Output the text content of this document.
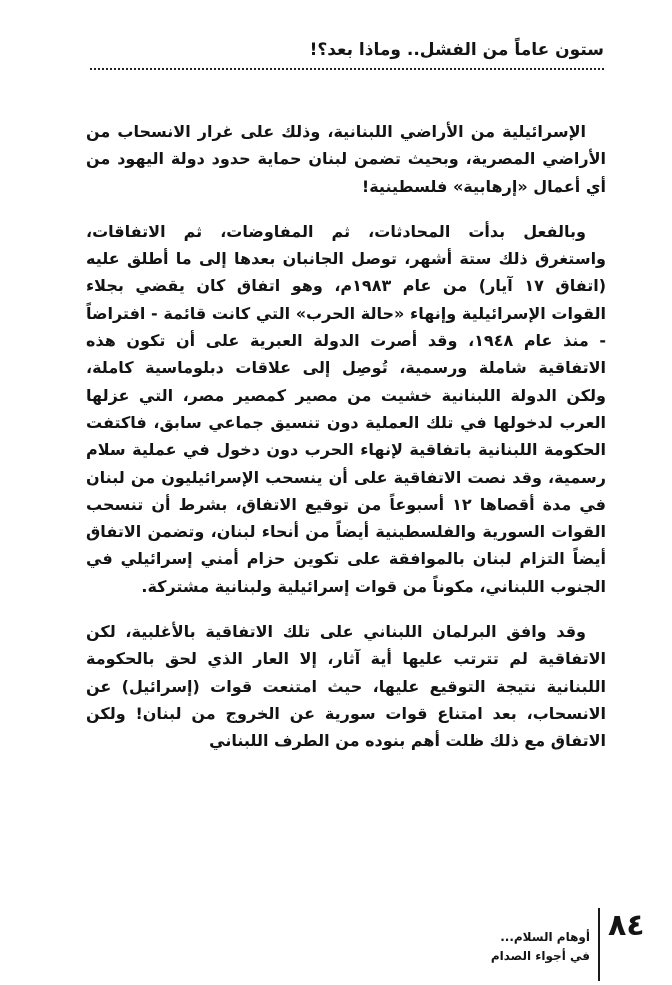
ستون عاماً من الفشل.. وماذا بعد؟!

الإسرائيلية من الأراضي اللبنانية، وذلك على غرار الانسحاب من الأراضي المصرية، وبحيث تضمن لبنان حماية حدود دولة اليهود من أي أعمال «إرهابية» فلسطينية!

وبالفعل بدأت المحادثات، ثم المفاوضات، ثم الاتفاقات، واستغرق ذلك ستة أشهر، توصل الجانبان بعدها إلى ما أطلق عليه (اتفاق ١٧ آيار) من عام ١٩٨٣م، وهو اتفاق كان يقضي بجلاء القوات الإسرائيلية وإنهاء «حالة الحرب» التي كانت قائمة - افتراضاً - منذ عام ١٩٤٨، وقد أصرت الدولة العبرية على أن تكون هذه الاتفاقية شاملة ورسمية، تُوصِل إلى علاقات دبلوماسية كاملة، ولكن الدولة اللبنانية خشيت من مصير كمصير مصر، التي عزلها العرب لدخولها في تلك العملية دون تنسيق جماعي سابق، فاكتفت الحكومة اللبنانية باتفاقية لإنهاء الحرب دون دخول في عملية سلام رسمية، وقد نصت الاتفاقية على أن ينسحب الإسرائيليون من لبنان في مدة أقصاها ١٢ أسبوعاً من توقيع الاتفاق، بشرط أن تنسحب القوات السورية والفلسطينية أيضاً من أنحاء لبنان، وتضمن الاتفاق أيضاً التزام لبنان بالموافقة على تكوين حزام أمني إسرائيلي في الجنوب اللبناني، مكوناً من قوات إسرائيلية ولبنانية مشتركة.

وقد وافق البرلمان اللبناني على تلك الاتفاقية بالأغلبية، لكن الاتفاقية لم تترتب عليها أية آثار، إلا العار الذي لحق بالحكومة اللبنانية نتيجة التوقيع عليها، حيث امتنعت قوات (إسرائيل) عن الانسحاب، بعد امتناع قوات سورية عن الخروج من لبنان! ولكن الاتفاق مع ذلك ظلت أهم بنوده من الطرف اللبناني

٨٤
أوهام السلام...
في أجواء الصدام
